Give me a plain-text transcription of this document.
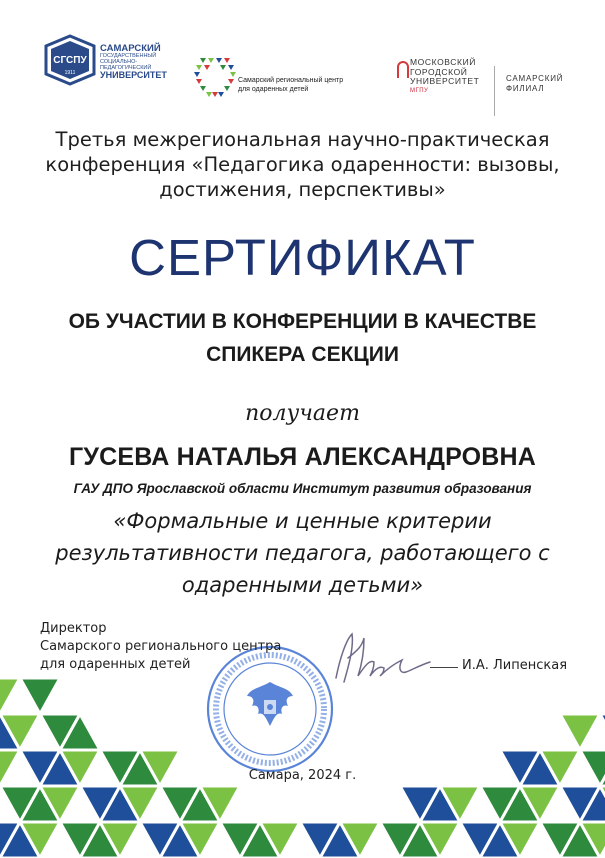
СГСПУ
1911
САМАРСКИЙ
ГОСУДАРСТВЕННЫЙ
СОЦИАЛЬНО-ПЕДАГОГИЧЕСКИЙ
УНИВЕРСИТЕТ
Самарский региональный центр
для одаренных детей
МОСКОВСКИЙ
ГОРОДСКОЙ
УНИВЕРСИТЕТ
МГПУ
САМАРСКИЙ
ФИЛИАЛ
Третья межрегиональная научно-практическая
конференция «Педагогика одаренности: вызовы,
достижения, перспективы»
СЕРТИФИКАТ
ОБ УЧАСТИИ В КОНФЕРЕНЦИИ В КАЧЕСТВЕ
СПИКЕРА СЕКЦИИ
получает
ГУСЕВА НАТАЛЬЯ АЛЕКСАНДРОВНА
ГАУ ДПО Ярославской области Институт развития образования
«Формальные и ценные критерии
результативности педагога, работающего с
одаренными детьми»
Директор
Самарского регионального центра
для одаренных детей	И.А. Липенская
Самара, 2024 г.
